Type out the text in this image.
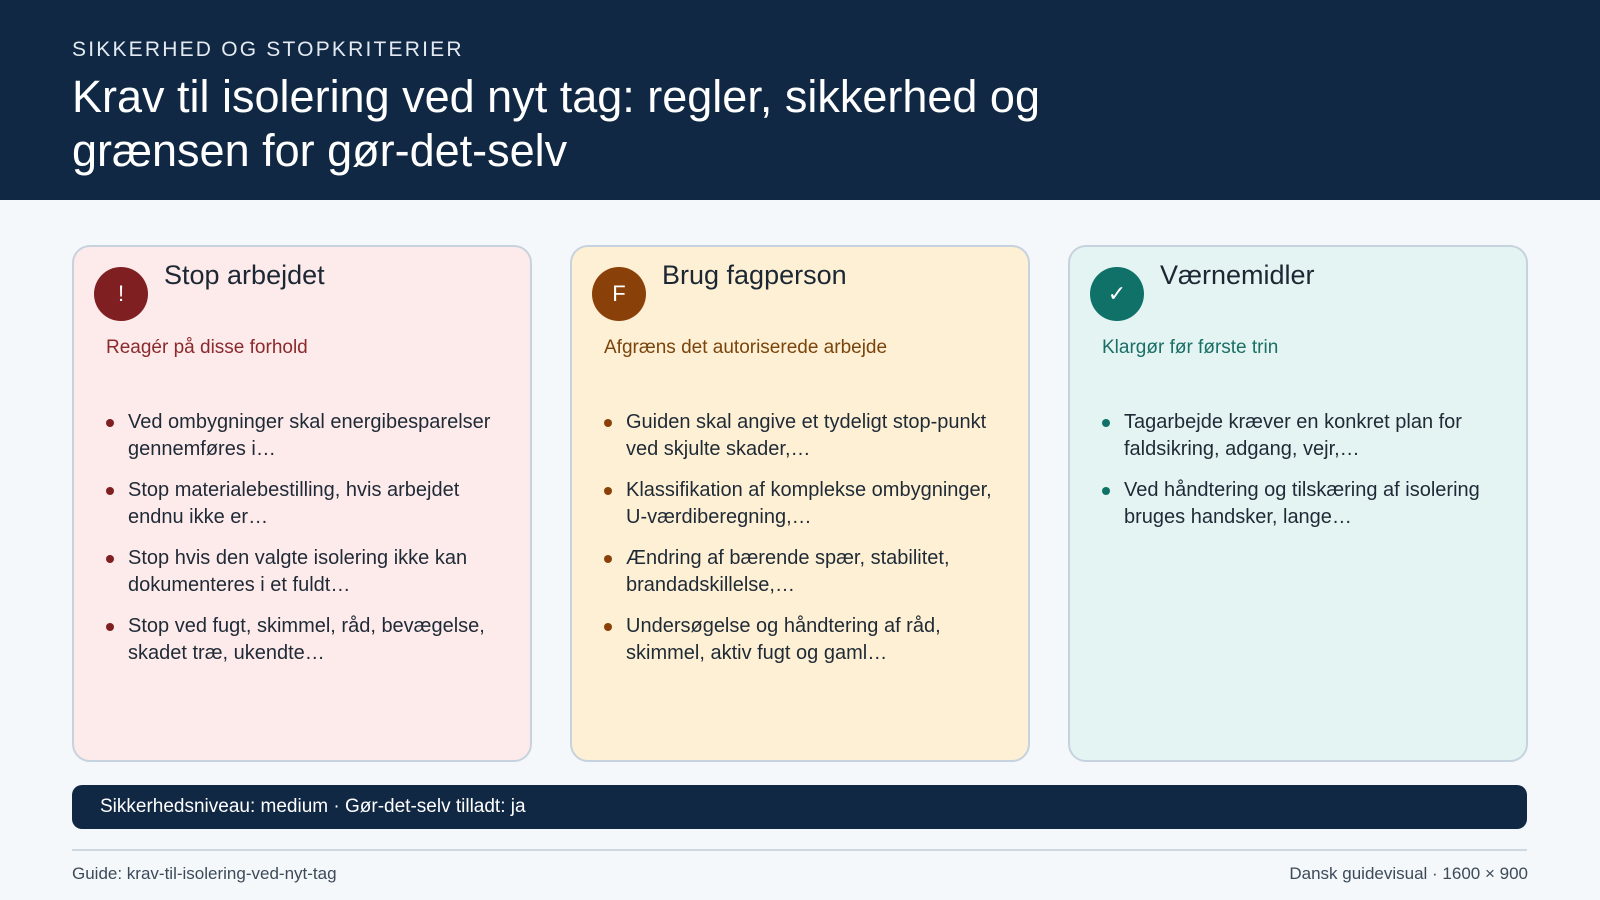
SIKKERHED OG STOPKRITERIER
Krav til isolering ved nyt tag: regler, sikkerhed og grænsen for gør-det-selv
!
Stop arbejdet
Reagér på disse forhold
Ved ombygninger skal energibesparelser gennemføres i…
Stop materialebestilling, hvis arbejdet endnu ikke er…
Stop hvis den valgte isolering ikke kan dokumenteres i et fuldt…
Stop ved fugt, skimmel, råd, bevægelse, skadet træ, ukendte…
F
Brug fagperson
Afgræns det autoriserede arbejde
Guiden skal angive et tydeligt stop-punkt ved skjulte skader,…
Klassifikation af komplekse ombygninger, U-værdiberegning,…
Ændring af bærende spær, stabilitet, brandadskillelse,…
Undersøgelse og håndtering af råd, skimmel, aktiv fugt og gaml…
✓
Værnemidler
Klargør før første trin
Tagarbejde kræver en konkret plan for faldsikring, adgang, vejr,…
Ved håndtering og tilskæring af isolering bruges handsker, lange…
Sikkerhedsniveau: medium · Gør-det-selv tilladt: ja
Guide: krav-til-isolering-ved-nyt-tag	Dansk guidevisual · 1600 × 900
